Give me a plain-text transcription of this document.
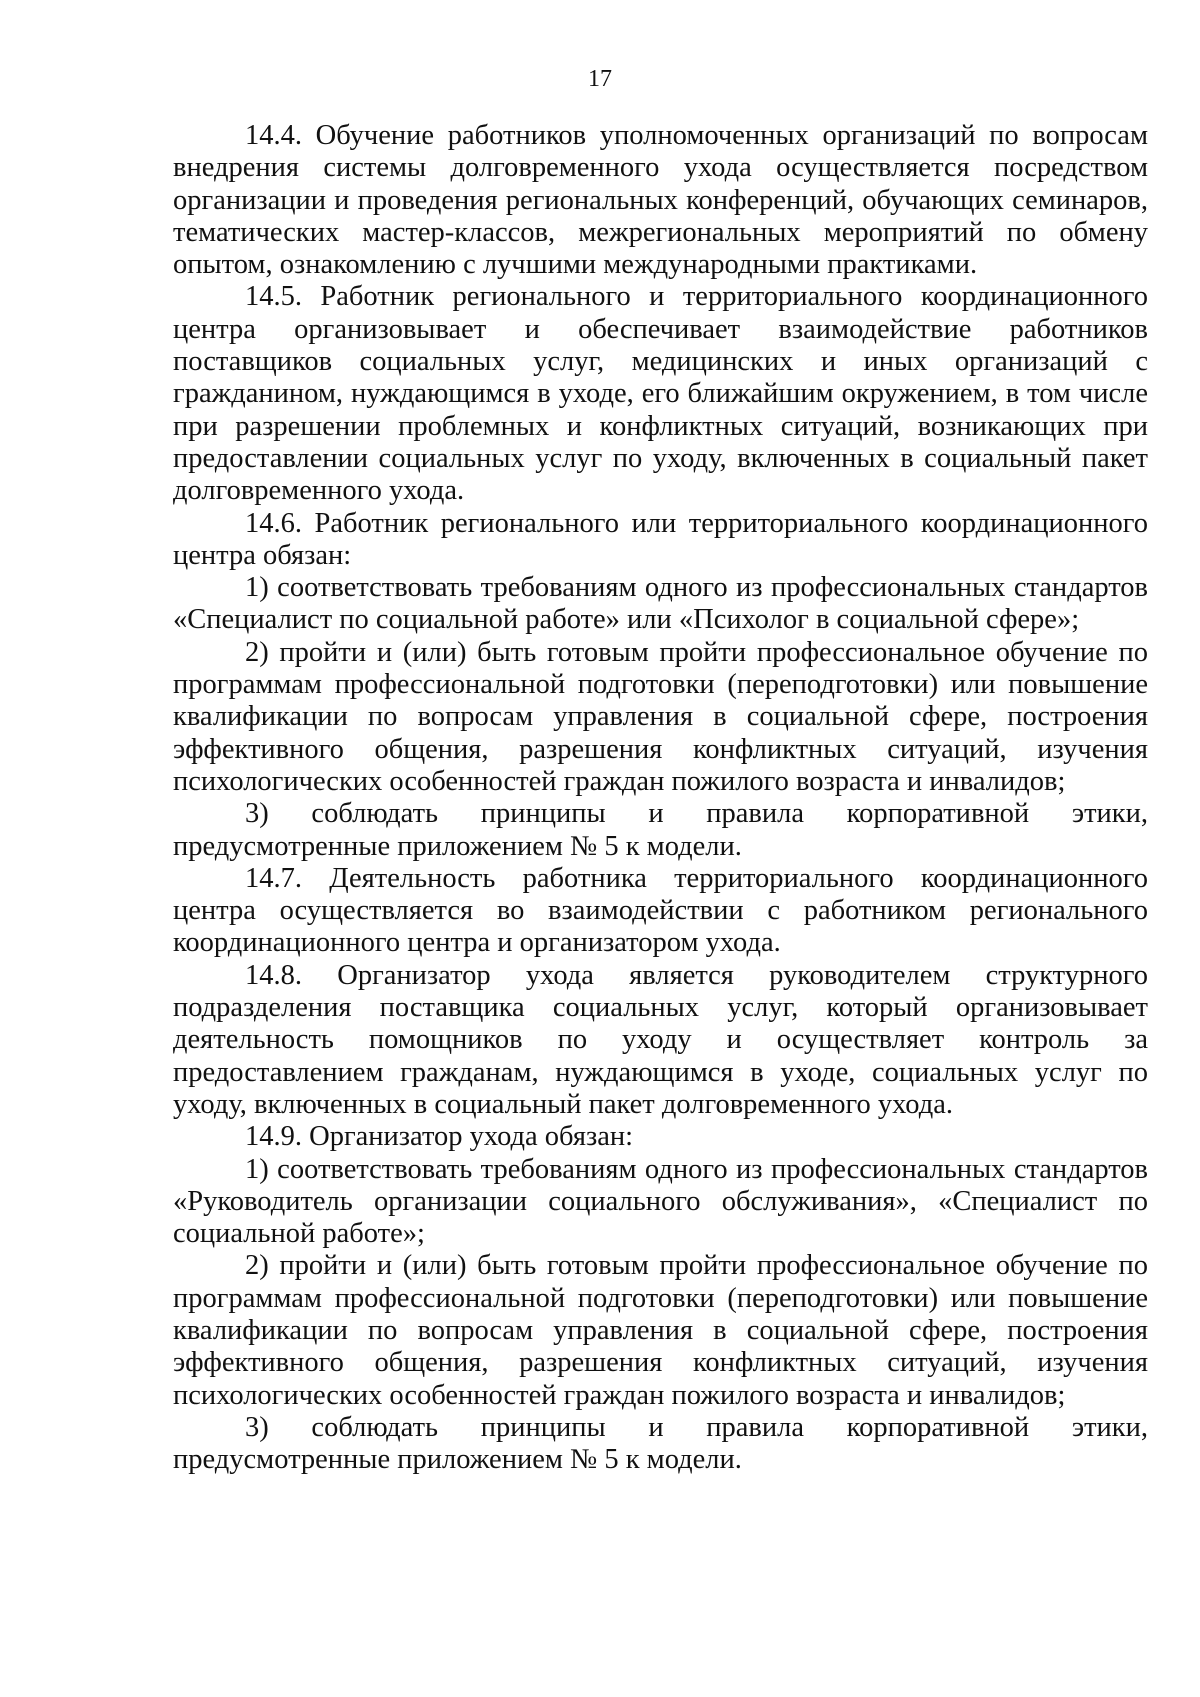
17

14.4. Обучение работников уполномоченных организаций по вопросам внедрения системы долговременного ухода осуществляется посредством организации и проведения региональных конференций, обучающих семинаров, тематических мастер-классов, межрегиональных мероприятий по обмену опытом, ознакомлению с лучшими международными практиками.

14.5. Работник регионального и территориального координационного центра организовывает и обеспечивает взаимодействие работников поставщиков социальных услуг, медицинских и иных организаций с гражданином, нуждающимся в уходе, его ближайшим окружением, в том числе при разрешении проблемных и конфликтных ситуаций, возникающих при предоставлении социальных услуг по уходу, включенных в социальный пакет долговременного ухода.

14.6. Работник регионального или территориального координационного центра обязан:

1) соответствовать требованиям одного из профессиональных стандартов «Специалист по социальной работе» или «Психолог в социальной сфере»;

2) пройти и (или) быть готовым пройти профессиональное обучение по программам профессиональной подготовки (переподготовки) или повышение квалификации по вопросам управления в социальной сфере, построения эффективного общения, разрешения конфликтных ситуаций, изучения психологических особенностей граждан пожилого возраста и инвалидов;

3) соблюдать принципы и правила корпоративной этики, предусмотренные приложением № 5 к модели.

14.7. Деятельность работника территориального координационного центра осуществляется во взаимодействии с работником регионального координационного центра и организатором ухода.

14.8. Организатор ухода является руководителем структурного подразделения поставщика социальных услуг, который организовывает деятельность помощников по уходу и осуществляет контроль за предоставлением гражданам, нуждающимся в уходе, социальных услуг по уходу, включенных в социальный пакет долговременного ухода.

14.9. Организатор ухода обязан:

1) соответствовать требованиям одного из профессиональных стандартов «Руководитель организации социального обслуживания», «Специалист по социальной работе»;

2) пройти и (или) быть готовым пройти профессиональное обучение по программам профессиональной подготовки (переподготовки) или повышение квалификации по вопросам управления в социальной сфере, построения эффективного общения, разрешения конфликтных ситуаций, изучения психологических особенностей граждан пожилого возраста и инвалидов;

3) соблюдать принципы и правила корпоративной этики, предусмотренные приложением № 5 к модели.
